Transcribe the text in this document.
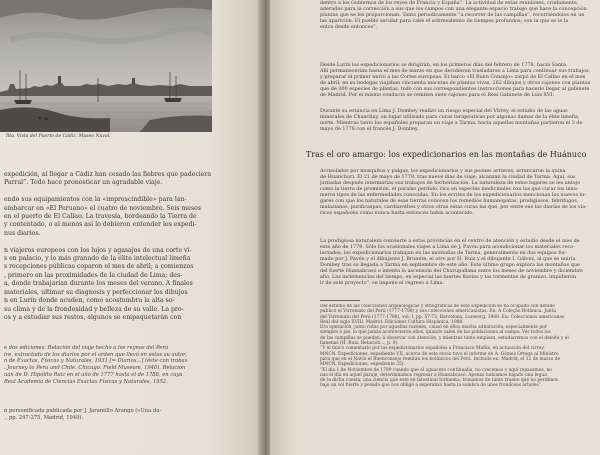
Ilta. Vista del Puerto de Cádiz. Museo Naval.
expedición, al llegar a Cádiz han cesado las fiebres que padeciera
Parral”. Todo hace pronosticar un agradable viaje.

endo sus equipamientos con la «imprescindible» para lan-
embarcar en «El Peruano» el cuatro de noviembre. Seis meses
en el puerto de El Callao. La travesía, bordeando la Tierra de
y contentado, o al menos así lo debieron entender los expedi-
nus diarios.

n viajeros europeos con los lujos y agasajos de una corte vi-
s en palacio, y lo más granado de la élite intelectual limeña
s recepciones públicas coparon el mes de abril; a comienzos
, primero en las proximidades de la ciudad de Lima; des-
a, donde trabajarían durante los meses del verano. A finales
materiales, ultimar su diagnosis y perfeccionar los dibujos
n en Lurín donde acuden, como acostumbra la alta so-
su clima y de la frondosidad y belleza de su valle. La pro-
os y a estudiar sus restos, algunos se empaquetarán con
e dos ediciones: Relación del viaje hecho a los reynos del Perú
ire, extractado de los diarios por el orden que llevó en estos su autor,
n de Exactas, Físicas y Naturales, 1931 [= Diarios...] (éste con trabas
. Journey to Peru and Chile. Chicago: Field Museum, 1940). Relación
uan de D. Hipólito Ruiz en el año de 1777 hasta el de 1788, en cuya
Real Academia de Ciencias Exactas Físicas y Naturales, 1952.
n personificada publicada por J. Jaramillo Arango («Una do-
., pp. 247-275, Madrid, 1949).
dentro a los Gobiernos de los reyes de Francia y España”. La actividad de estas reuniones, crudamente,
aderados para la corrección a sus que los campos con una elegante espacio trabajo que hace la concepción
plantas que se les proporcionan. Tanto periodicamente “a recorrer de las campiñas”, recorriéndolos en un
las aparición. El pueblo secular para cabe el sobresaliente de tiempos profundos; con la que se le la
entra desde entonces”.
Desde Lurín los expedicionarios se dirigirán, en los primeros días del febrero de 1778, hacia Santa,
Allí permanecerían hasta el mes de marzo en que decidieron trasladarse a Lima para continuar sus trabajos,
y preparar el primer envío a las Cortes europeas. El barco «El Buen Consejo» zarpó de El Callao en el mes
de abril, en su bodegas viajaban cincuenta macetas de plantas vivas, 262 dibujos y otros cajones con plantas
que de 300 especies de plantas, todo con sus correspondientes instrucciones para hacerlo llegar al gabinete
de Madrid. Por el mismo conducto se remiten siete cajones para el Real Gabinete de Luis XVI.
Durante su estancia en Lima J. Dombey realizó un riesgo especial del Virrey, el estudio de las aguas
minerales de Chancllay, un lugar utilizado para curas terapéuticas por algunas damas de la élite limeña,
norte. Mientras tanto los españoles preparan un viaje a Tarma, hacia aquellas montañas partieron el 3 de
mayo de 1778 con el francés J. Dombey.
Tras el oro amargo: los expedicionarios en las montañas de Huánuco
Acrisolados por mosquitos y pulgas, los expedicionarios y sus peones arrieros, arrancaron la quina
de Huanchuri. El 21 de mayo de 1779, tras nueve días de viaje, alcanzan la ciudad de Tarma. Aquí, sus
jornadas después intermariás sus trabajos de herborización. La naturaleza de estos lugares se les antojo
como la tierra de promisión, el paraíso perdido, rico en especies medicinales con las que curar los innu-
meros tipos de las enfermedades conocidas. En los ecritos de los expedicionarios mencionan los nuevos lu-
gares con que los naturales de esas tierras conocen los remedios humanopatas, prodigiosos, febrifugos,
malazianos, purificaspas, cardiarothes y otros otras estas curas las que, por entre sus las diarias de los via-
ricos españoles como nunca hasta entonces había acontecido.
La prodigiosa naturaleza convierte a estas provincias en el centro de atención y estudio desde el mes de
este año de 1779. Sólo los ocasionales viajes a Lima de J. Pavón para acondicionar los materiales reco-
lectados, los expedicionarios trabajan en las montañas de Tarma, generalmente en dos equipos for-
mado por J. Pavón y el dibujante J. Brunete, el otro por H. Ruiz y el dibujante I. Gálvez, al que se uniría
Dombey tras su llegada a Tarma en septiembre de este año. Este último grupo explora las montañas que
del fuerte Huanabcasó e intenta la ascensión del Churupallana entre los meses de noviembre y diciembre
año. Las inclemencias del tiempo, en especial las fuertes lluvias y las tormentas de granizo, impidieron
ir de este proyecto”, se impone el regreso a Lima.
Del estudio de las colecciones arqueológicas y etnográficas de este Expedición se ha ocupado con detalle
publicó el Virreinato del Perú (1777-1788) y sus colecciones americanistas. En: A Coleção Botânica. Junta
del Virreinato del Perú (1777-1788), vol. I, pp. 57-72. Barcelona, Lunwerg, 1988. En: Colecciones americanas
Real del siglo XVIII. Madrid: Ediciones Cultura Hispánica, 1988.
Era operación, junto rutas por aguellas razones, causó en ellos mucha admiración, especialmente por
siempre á pie, lo que jamás acontecieron ellos, quando salen de las poblaciones al campo. Ver todos los
de las campiñas se pueden; á observar con atención, y mientras tanto empieza, estudiaremos con el deleite y el
banenas (H. Ruiz. Relación..., p. 9).
“Y el único comentario por los expedicionarios españoles a Francisco Muñiz, en actuación del virrey.
MNCN. Expediciones, expediente VII, acerca de este envío tuvo el informe de A. Gómez Ortega al Ministro
para que en el Navío el Buenconsejo remitan los botánicos del Perú. Incluido en: Madrid, el 12 de marzo de
MNCN. Expediciones, expediente 35).
“El día 1 de Noviembre de 1799 cuando que el aguacero continuaba, no crecemos y aquí repasamos, no
nas el día en aquel paraje, determinamos regresar a Huanabcasó. Apenas habíamos bajado una legua
de la dicha cuesta, una ciencia que este en intestinal tormenta, tronamos de tanto trueno que no perdimos
bajo un sol fuerte y pesado que nos obligó a esperanzo hasta la sombra de unos frondosos árboles”.
